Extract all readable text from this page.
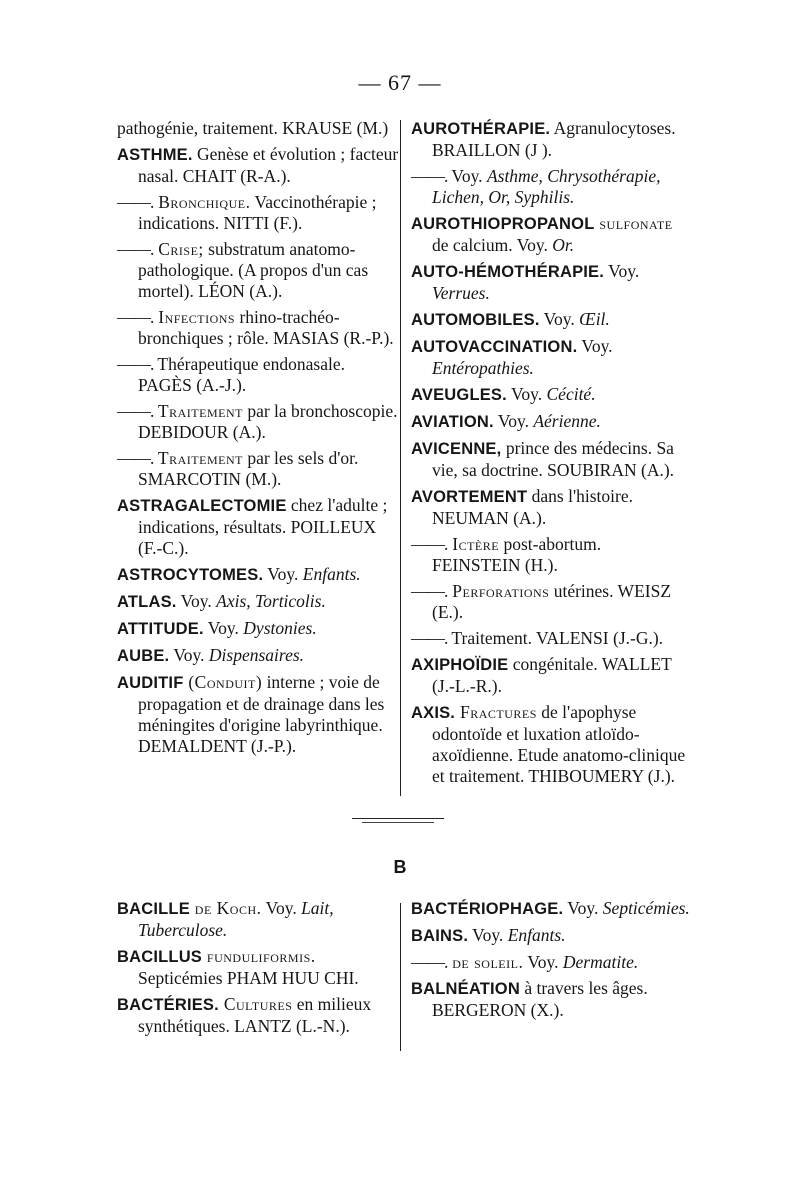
— 67 —

pathogénie, traitement. KRAUSE (M.)

ASTHME. Genèse et évolution ; facteur nasal. CHAIT (R-A.).

——. Bronchique. Vaccinothérapie ; indications. NITTI (F.).

——. Crise; substratum anatomo-pathologique. (A propos d'un cas mortel). LÉON (A.).

——. Infections rhino-trachéo-bronchiques ; rôle. MASIAS (R.-P.).

——. Thérapeutique endonasale. PAGÈS (A.-J.).

——. Traitement par la bronchoscopie. DEBIDOUR (A.).

——. Traitement par les sels d'or. SMARCOTIN (M.).

ASTRAGALECTOMIE chez l'adulte ; indications, résultats. POILLEUX (F.-C.).

ASTROCYTOMES. Voy. Enfants.

ATLAS. Voy. Axis, Torticolis.

ATTITUDE. Voy. Dystonies.

AUBE. Voy. Dispensaires.

AUDITIF (Conduit) interne ; voie de propagation et de drainage dans les méningites d'origine labyrinthique. DEMALDENT (J.-P.).

AUROTHÉRAPIE. Agranulocytoses. BRAILLON (J ).

——. Voy. Asthme, Chrysothérapie, Lichen, Or, Syphilis.

AUROTHIOPROPANOL sulfonate de calcium. Voy. Or.

AUTO-HÉMOTHÉRAPIE. Voy. Verrues.

AUTOMOBILES. Voy. Œil.

AUTOVACCINATION. Voy. Entéropathies.

AVEUGLES. Voy. Cécité.

AVIATION. Voy. Aérienne.

AVICENNE, prince des médecins. Sa vie, sa doctrine. SOUBIRAN (A.).

AVORTEMENT dans l'histoire. NEUMAN (A.).

——. Ictère post-abortum. FEINSTEIN (H.).

——. Perforations utérines. WEISZ (E.).

——. Traitement. VALENSI (J.-G.).

AXIPHOÏDIE congénitale. WALLET (J.-L.-R.).

AXIS. Fractures de l'apophyse odontoïde et luxation atloïdo-axoïdienne. Etude anatomo-clinique et traitement. THIBOUMERY (J.).

B

BACILLE de Koch. Voy. Lait, Tuberculose.

BACILLUS funduliformis. Septicémies PHAM HUU CHI.

BACTÉRIES. Cultures en milieux synthétiques. LANTZ (L.-N.).

BACTÉRIOPHAGE. Voy. Septicémies.

BAINS. Voy. Enfants.

——. de soleil. Voy. Dermatite.

BALNÉATION à travers les âges. BERGERON (X.).
